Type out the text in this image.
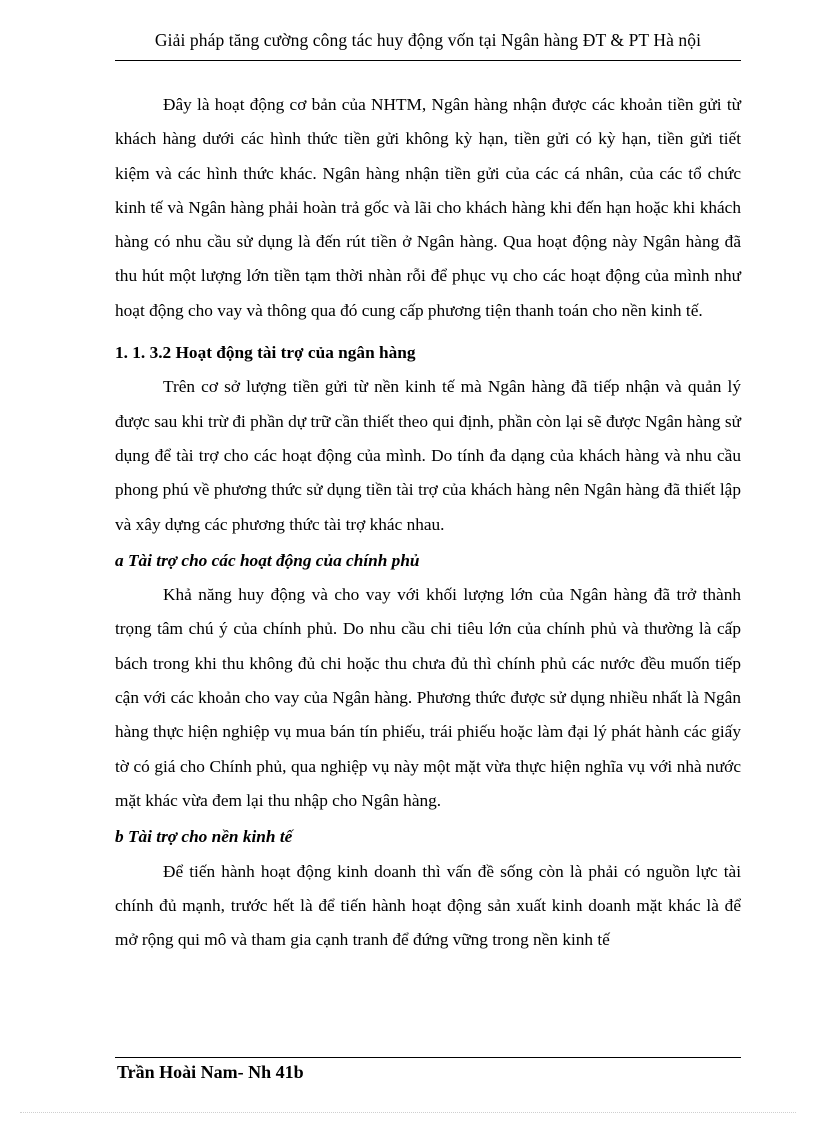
Giải pháp tăng cường công tác huy động vốn tại Ngân hàng ĐT & PT Hà nội

Đây là hoạt động cơ bản của NHTM, Ngân hàng nhận được các khoản tiền gửi từ khách hàng dưới các hình thức tiền gửi không kỳ hạn, tiền gửi có kỳ hạn, tiền gửi tiết kiệm và các hình thức khác. Ngân hàng nhận tiền gửi của các cá nhân, của các tổ chức kinh tế và Ngân hàng phải hoàn trả gốc và lãi cho khách hàng khi đến hạn hoặc khi khách hàng có nhu cầu sử dụng là đến rút tiền ở Ngân hàng. Qua hoạt động này Ngân hàng đã thu hút một lượng lớn tiền tạm thời nhàn rỗi để phục vụ cho các hoạt động của mình như hoạt động cho vay và thông qua đó cung cấp phương tiện thanh toán cho nền kinh tế.

1. 1. 3.2 Hoạt động tài trợ của ngân hàng

Trên cơ sở lượng tiền gửi từ nền kinh tế mà Ngân hàng đã tiếp nhận và quản lý được sau khi trừ đi phần dự trữ cần thiết theo qui định, phần còn lại sẽ được Ngân hàng sử dụng để tài trợ cho các hoạt động của mình. Do tính đa dạng của khách hàng và nhu cầu phong phú về phương thức sử dụng tiền tài trợ của khách hàng nên Ngân hàng đã thiết lập và xây dựng các phương thức tài trợ khác nhau.

a Tài trợ cho các hoạt động của chính phủ

Khả năng huy động và cho vay với khối lượng lớn của Ngân hàng đã trở thành trọng tâm chú ý của chính phủ. Do nhu cầu chi tiêu lớn của chính phủ và thường là cấp bách trong khi thu không đủ chi hoặc thu chưa đủ thì chính phủ các nước đều muốn tiếp cận với các khoản cho vay của Ngân hàng. Phương thức được sử dụng nhiều nhất là Ngân hàng thực hiện nghiệp vụ mua bán tín phiếu, trái phiếu hoặc làm đại lý phát hành các giấy tờ có giá cho Chính phủ, qua nghiệp vụ này một mặt vừa thực hiện nghĩa vụ với nhà nước mặt khác vừa đem lại thu nhập cho Ngân hàng.

b Tài trợ cho nền kinh tế

Để tiến hành hoạt động kinh doanh thì vấn đề sống còn là phải có nguồn lực tài chính đủ mạnh, trước hết là để tiến hành hoạt động sản xuất kinh doanh mặt khác là để mở rộng qui mô và tham gia cạnh tranh để đứng vững trong nền kinh tế

Trần Hoài Nam- Nh 41b
